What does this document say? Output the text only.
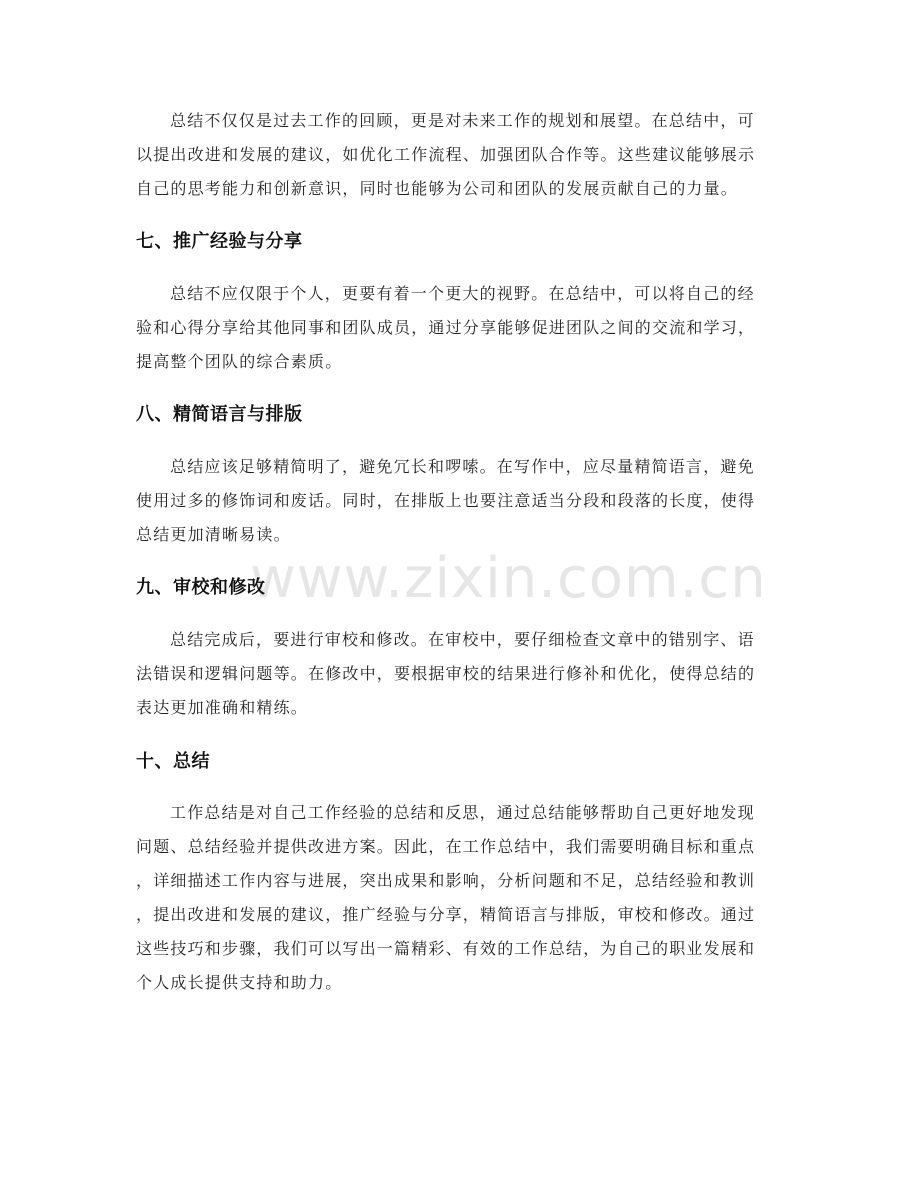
www.zixin.com.cn

总结不仅仅是过去工作的回顾，更是对未来工作的规划和展望。在总结中，可
以提出改进和发展的建议，如优化工作流程、加强团队合作等。这些建议能够展示
自己的思考能力和创新意识，同时也能够为公司和团队的发展贡献自己的力量。

七、推广经验与分享

总结不应仅限于个人，更要有着一个更大的视野。在总结中，可以将自己的经
验和心得分享给其他同事和团队成员，通过分享能够促进团队之间的交流和学习，
提高整个团队的综合素质。

八、精简语言与排版

总结应该足够精简明了，避免冗长和啰嗦。在写作中，应尽量精简语言，避免
使用过多的修饰词和废话。同时，在排版上也要注意适当分段和段落的长度，使得
总结更加清晰易读。

九、审校和修改

总结完成后，要进行审校和修改。在审校中，要仔细检查文章中的错别字、语
法错误和逻辑问题等。在修改中，要根据审校的结果进行修补和优化，使得总结的
表达更加准确和精练。

十、总结

工作总结是对自己工作经验的总结和反思，通过总结能够帮助自己更好地发现
问题、总结经验并提供改进方案。因此，在工作总结中，我们需要明确目标和重点
，详细描述工作内容与进展，突出成果和影响，分析问题和不足，总结经验和教训
，提出改进和发展的建议，推广经验与分享，精简语言与排版，审校和修改。通过
这些技巧和步骤，我们可以写出一篇精彩、有效的工作总结，为自己的职业发展和
个人成长提供支持和助力。
